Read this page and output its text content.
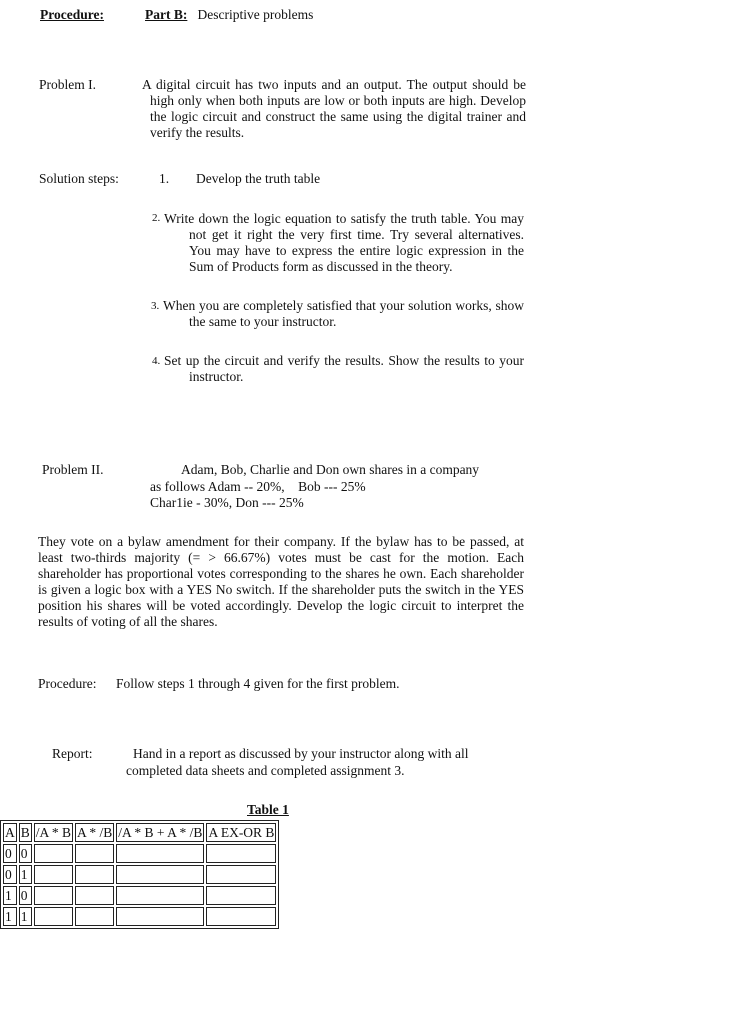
Procedure:	Part B: Descriptive problems
Problem I.	A digital circuit has two inputs and an output. The output should be
high only when both inputs are low or both inputs are high. Develop
the logic circuit and construct the same using the digital trainer and
verify the results.
Solution steps:	1. Develop the truth table
2. Write down the logic equation to satisfy the truth table. You may
not get it right the very first time. Try several alternatives.
You may have to express the entire logic expression in the
Sum of Products form as discussed in the theory.
3. When you are completely satisfied that your solution works, show
the same to your instructor.
4. Set up the circuit and verify the results. Show the results to your
instructor.
Problem II.	Adam, Bob, Charlie and Don own shares in a company
as follows Adam -- 20%,    Bob --- 25%
Char1ie - 30%, Don --- 25%
They vote on a bylaw amendment for their company. If the bylaw has to be passed, at
least two-thirds majority (= > 66.67%) votes must be cast for the motion. Each
shareholder has proportional votes corresponding to the shares he own. Each shareholder
is given a logic box with a YES No switch. If the shareholder puts the switch in the YES
position his shares will be voted accordingly. Develop the logic circuit to interpret the
results of voting of all the shares.
Procedure: Follow steps 1 through 4 given for the first problem.
Report:	Hand in a report as discussed by your instructor along with all
completed data sheets and completed assignment 3.
Table 1
A	B	/A * B	A * /B	/A * B + A * /B	A EX-OR B
0	0				
0	1				
1	0				
1	1				
